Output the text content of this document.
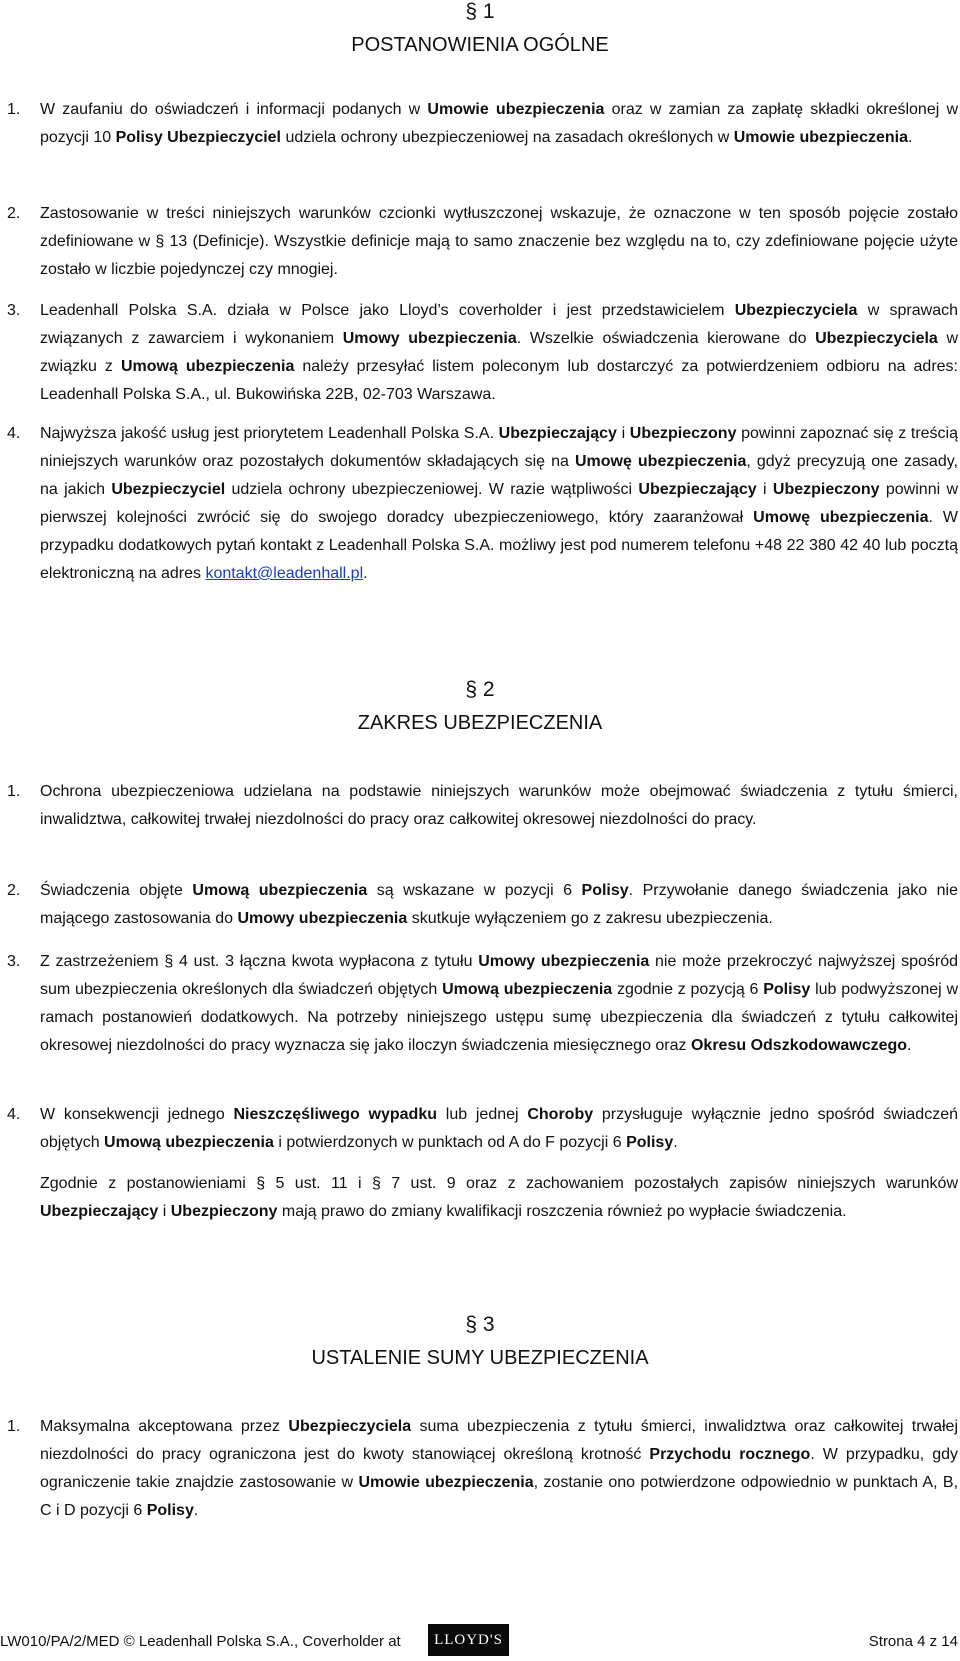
§ 1
POSTANOWIENIA OGÓLNE
1. W zaufaniu do oświadczeń i informacji podanych w Umowie ubezpieczenia oraz w zamian za zapłatę składki określonej w pozycji 10 Polisy Ubezpieczyciel udziela ochrony ubezpieczeniowej na zasadach określonych w Umowie ubezpieczenia.
2. Zastosowanie w treści niniejszych warunków czcionki wytłuszczonej wskazuje, że oznaczone w ten sposób pojęcie zostało zdefiniowane w § 13 (Definicje). Wszystkie definicje mają to samo znaczenie bez względu na to, czy zdefiniowane pojęcie użyte zostało w liczbie pojedynczej czy mnogiej.
3. Leadenhall Polska S.A. działa w Polsce jako Lloyd’s coverholder i jest przedstawicielem Ubezpieczyciela w sprawach związanych z zawarciem i wykonaniem Umowy ubezpieczenia. Wszelkie oświadczenia kierowane do Ubezpieczyciela w związku z Umową ubezpieczenia należy przesyłać listem poleconym lub dostarczyć za potwierdzeniem odbioru na adres: Leadenhall Polska S.A., ul. Bukowińska 22B, 02-703 Warszawa.
4. Najwyższa jakość usług jest priorytetem Leadenhall Polska S.A. Ubezpieczający i Ubezpieczony powinni zapoznać się z treścią niniejszych warunków oraz pozostałych dokumentów składających się na Umowę ubezpieczenia, gdyż precyzują one zasady, na jakich Ubezpieczyciel udziela ochrony ubezpieczeniowej. W razie wątpliwości Ubezpieczający i Ubezpieczony powinni w pierwszej kolejności zwrócić się do swojego doradcy ubezpieczeniowego, który zaaranżował Umowę ubezpieczenia. W przypadku dodatkowych pytań kontakt z Leadenhall Polska S.A. możliwy jest pod numerem telefonu +48 22 380 42 40 lub pocztą elektroniczną na adres kontakt@leadenhall.pl.
§ 2
ZAKRES UBEZPIECZENIA
1. Ochrona ubezpieczeniowa udzielana na podstawie niniejszych warunków może obejmować świadczenia z tytułu śmierci, inwalidztwa, całkowitej trwałej niezdolności do pracy oraz całkowitej okresowej niezdolności do pracy.
2. Świadczenia objęte Umową ubezpieczenia są wskazane w pozycji 6 Polisy. Przywołanie danego świadczenia jako nie mającego zastosowania do Umowy ubezpieczenia skutkuje wyłączeniem go z zakresu ubezpieczenia.
3. Z zastrzeżeniem § 4 ust. 3 łączna kwota wypłacona z tytułu Umowy ubezpieczenia nie może przekroczyć najwyższej spośród sum ubezpieczenia określonych dla świadczeń objętych Umową ubezpieczenia zgodnie z pozycją 6 Polisy lub podwyższonej w ramach postanowień dodatkowych. Na potrzeby niniejszego ustępu sumę ubezpieczenia dla świadczeń z tytułu całkowitej okresowej niezdolności do pracy wyznacza się jako iloczyn świadczenia miesięcznego oraz Okresu Odszkodowawczego.
4. W konsekwencji jednego Nieszczęśliwego wypadku lub jednej Choroby przysługuje wyłącznie jedno spośród świadczeń objętych Umową ubezpieczenia i potwierdzonych w punktach od A do F pozycji 6 Polisy.
Zgodnie z postanowieniami § 5 ust. 11 i § 7 ust. 9 oraz z zachowaniem pozostałych zapisów niniejszych warunków Ubezpieczający i Ubezpieczony mają prawo do zmiany kwalifikacji roszczenia również po wypłacie świadczenia.
§ 3
USTALENIE SUMY UBEZPIECZENIA
1. Maksymalna akceptowana przez Ubezpieczyciela suma ubezpieczenia z tytułu śmierci, inwalidztwa oraz całkowitej trwałej niezdolności do pracy ograniczona jest do kwoty stanowiącej określoną krotność Przychodu rocznego. W przypadku, gdy ograniczenie takie znajdzie zastosowanie w Umowie ubezpieczenia, zostanie ono potwierdzone odpowiednio w punktach A, B, C i D pozycji 6 Polisy.
LW010/PA/2/MED © Leadenhall Polska S.A., Coverholder at LLOYD'S	Strona 4 z 14
